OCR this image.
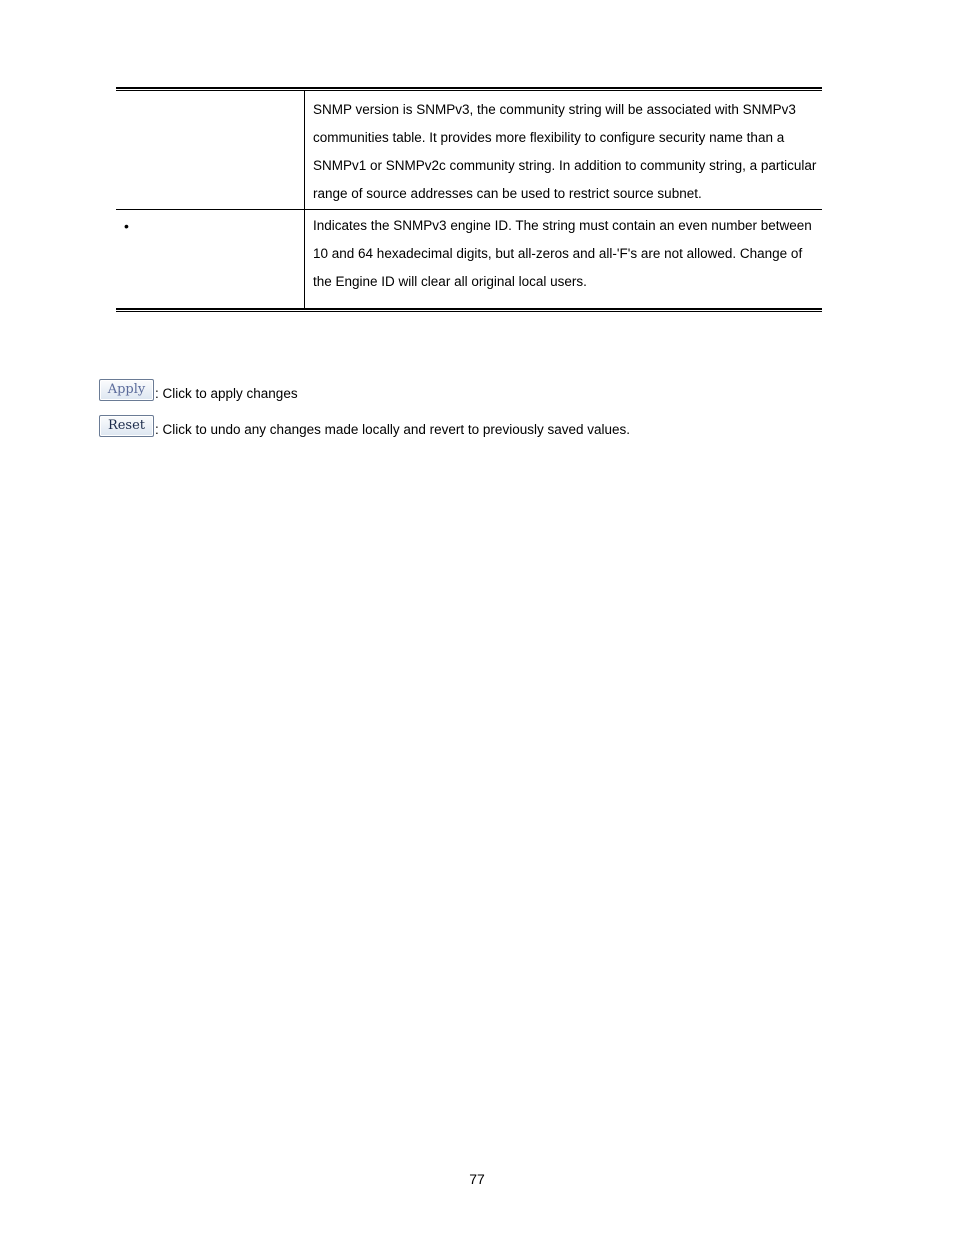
SNMP version is SNMPv3, the community string will be associated with SNMPv3 communities table. It provides more flexibility to configure security name than a SNMPv1 or SNMPv2c community string. In addition to community string, a particular range of source addresses can be used to restrict source subnet.
•	Indicates the SNMPv3 engine ID. The string must contain an even number between 10 and 64 hexadecimal digits, but all-zeros and all-'F's are not allowed. Change of the Engine ID will clear all original local users.
Apply : Click to apply changes
Reset : Click to undo any changes made locally and revert to previously saved values.
77
